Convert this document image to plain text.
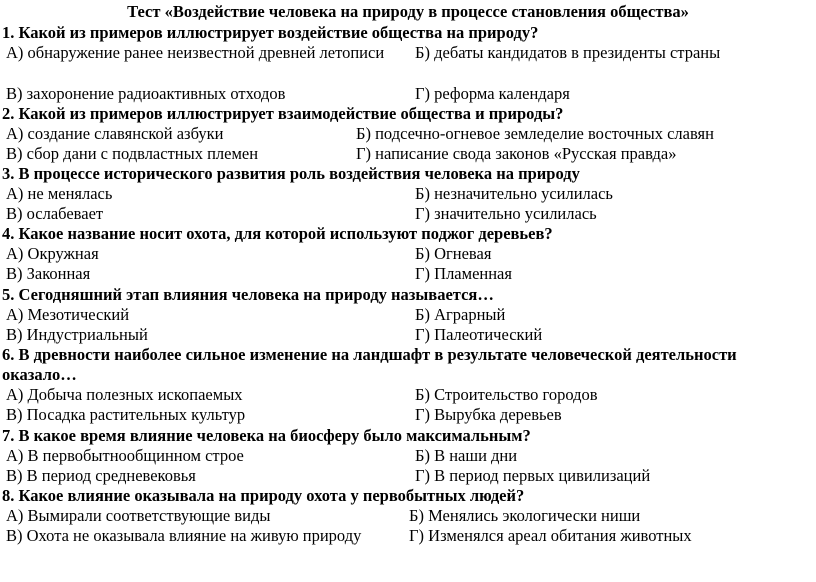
Тест «Воздействие человека на природу в процессе становления общества»
1. Какой из примеров иллюстрирует воздействие общества на природу?
А) обнаружение ранее неизвестной древней летописи	Б) дебаты кандидатов в президенты страны
В) захоронение радиоактивных отходов	Г) реформа календаря
2. Какой из примеров иллюстрирует взаимодействие общества и природы?
А) создание славянской азбуки	Б) подсечно-огневое земледелие восточных славян
В) сбор дани с подвластных племен	Г) написание свода законов «Русская правда»
3. В процессе исторического развития роль воздействия человека на природу
А) не менялась	Б) незначительно усилилась
В) ослабевает	Г) значительно усилилась
4. Какое название носит охота, для которой используют поджог деревьев?
А) Окружная	Б) Огневая
В) Законная	Г) Пламенная
5. Сегодняшний этап влияния человека на природу называется…
А) Мезотический	Б) Аграрный
В) Индустриальный	Г) Палеотический
6. В древности наиболее сильное изменение на ландшафт в результате человеческой деятельности оказало…
А) Добыча полезных ископаемых	Б) Строительство городов
В) Посадка растительных культур	Г) Вырубка деревьев
7. В какое время влияние человека на биосферу было максимальным?
А) В первобытнообщинном строе	Б) В наши дни
В) В период средневековья	Г) В период первых цивилизаций
8. Какое влияние оказывала на природу охота у первобытных людей?
А) Вымирали соответствующие виды	Б) Менялись экологически ниши
В) Охота не оказывала влияние на живую природу	Г) Изменялся ареал обитания животных
